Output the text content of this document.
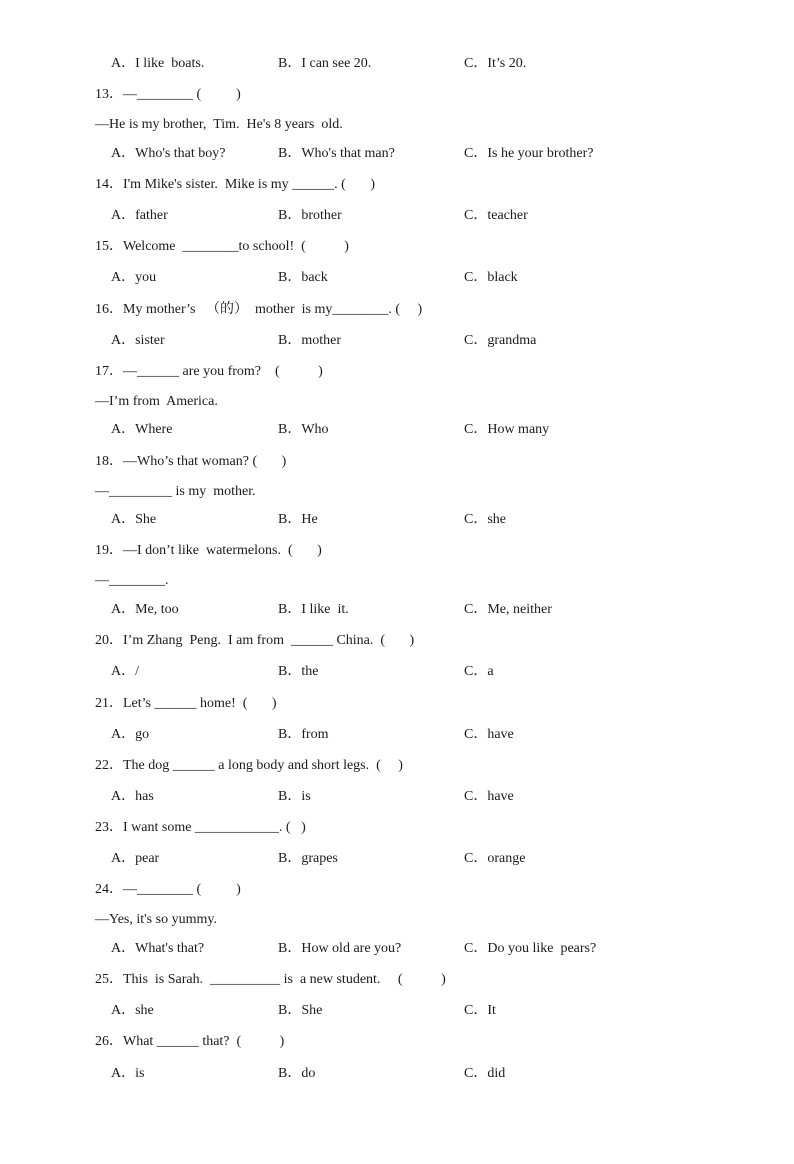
A．I like  boats.

	B．I can see 20.

	C．It’s 20.

13．—________ (          )
—He is my brother,  Tim.  He's 8 years  old.

A．Who's that boy?

	B．Who's that man?

	C．Is he your brother?

14．I'm Mike's sister.  Mike is my ______. (       )

A．father

	B．brother

	C．teacher

15．Welcome  ________to school!  (           )

A．you

	B．back

	C．black

16．My mother’s   （的）  mother  is my________. (     )

A．sister

	B．mother

	C．grandma

17．—______ are you from?    (           )
—I’m from  America.

A．Where

	B．Who

	C．How many

18．—Who’s that woman? (       )
—_________ is my  mother.

A．She

	B．He

	C．she

19．—I don’t like  watermelons.  (       )
—________.

A．Me, too

	B．I like  it.

	C．Me, neither

20．I’m Zhang  Peng.  I am from  ______ China.  (       )

A．/

	B．the

	C．a

21．Let’s ______ home!  (       )

A．go

	B．from

	C．have

22．The dog ______ a long body and short legs.  (     )

A．has

	B．is

	C．have

23．I want some ____________. (   )

A．pear

	B．grapes

	C．orange

24．—________ (          )
—Yes, it's so yummy.

A．What's that?

	B．How old are you?

	C．Do you like  pears?

25．This  is Sarah.  __________ is  a new student.     (           )

A．she

	B．She

	C．It

26．What ______ that?  (           )

A．is

	B．do

	C．did
